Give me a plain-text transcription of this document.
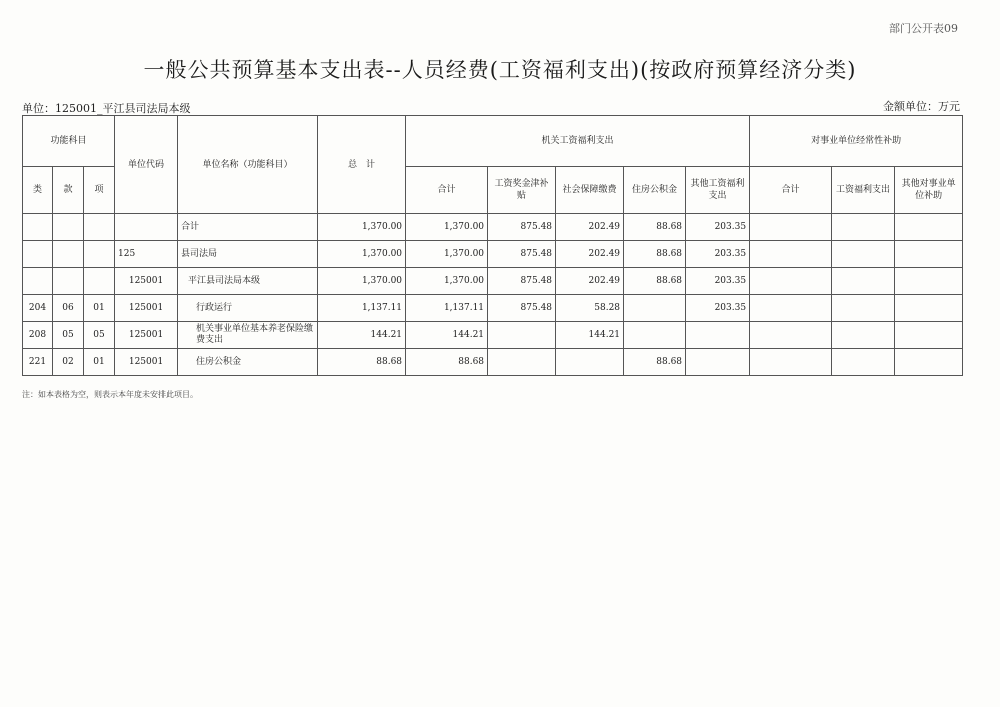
部门公开表09
一般公共预算基本支出表--人员经费(工资福利支出)(按政府预算经济分类)
单位：125001_平江县司法局本级	金额单位：万元
功能科目			单位代码	单位名称（功能科目）	总　计	机关工资福利支出					对事业单位经常性补助		
类	款	项				合计	工资奖金津补贴	社会保障缴费	住房公积金	其他工资福利支出	合计	工资福利支出	其他对事业单位补助
				合计	1,370.00	1,370.00	875.48	202.49	88.68	203.35			
			125	县司法局	1,370.00	1,370.00	875.48	202.49	88.68	203.35			
			125001	平江县司法局本级	1,370.00	1,370.00	875.48	202.49	88.68	203.35			
204	06	01	125001	行政运行	1,137.11	1,137.11	875.48	58.28		203.35			
208	05	05	125001	机关事业单位基本养老保险缴费支出	144.21	144.21		144.21					
221	02	01	125001	住房公积金	88.68	88.68			88.68				
注：如本表格为空，则表示本年度未安排此项目。
